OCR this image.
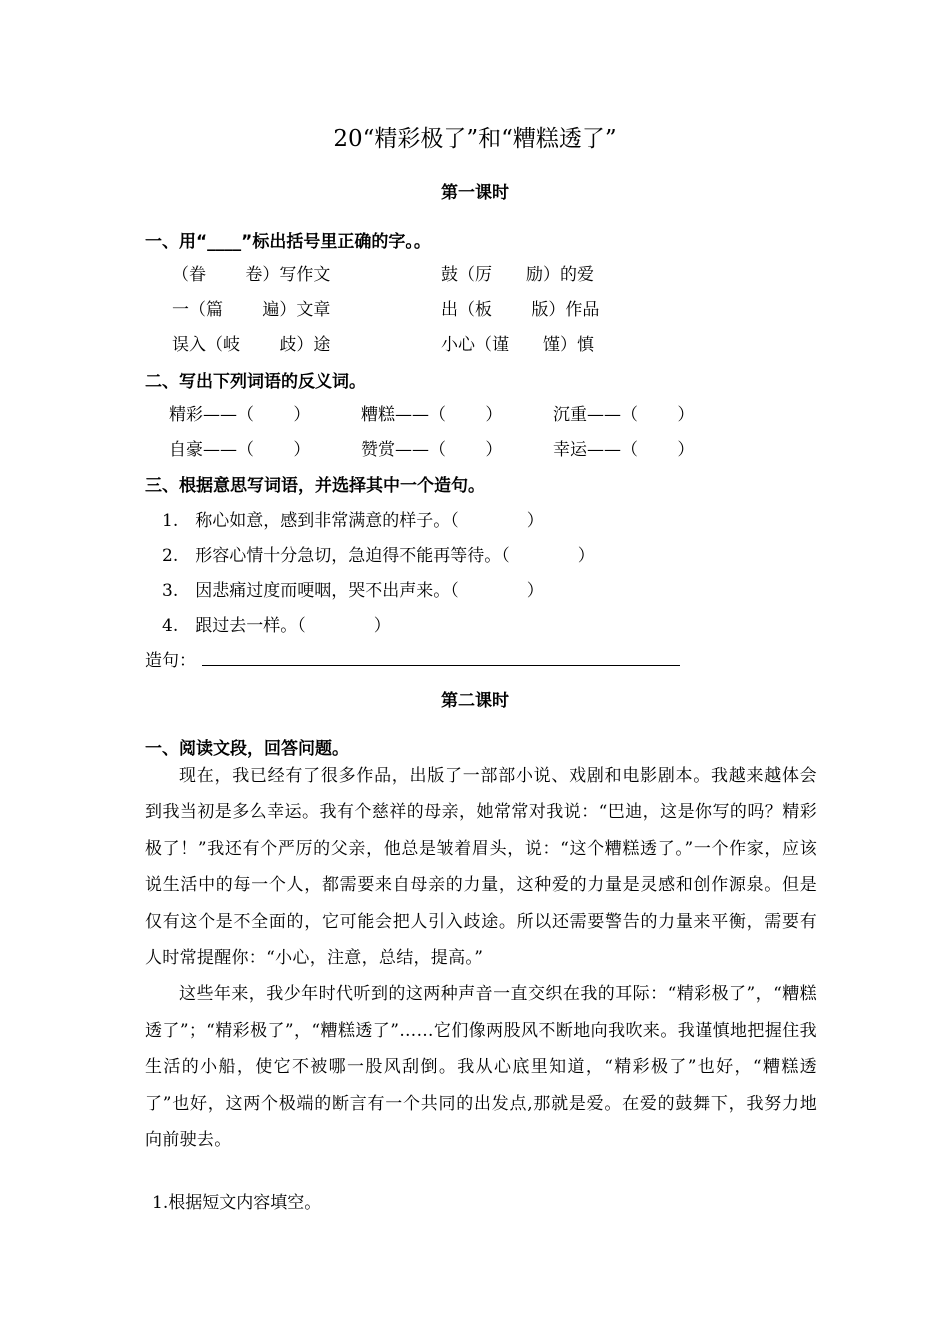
20“精彩极了”和“糟糕透了”
第一课时
一、用“____”标出括号里正确的字。。
（眷　　 卷）写作文	鼓（厉　　励）的爱
一（篇　　 遍）文章	出（板　　 版）作品
误入（岐　　 歧）途	小心（谨　　馑）慎
二、写出下列词语的反义词。
精彩——（　　 ）	糟糕——（　　 ）	沉重——（　　 ）
自豪——（　　 ）	赞赏——（　　 ）	幸运——（　　 ）
三、根据意思写词语，并选择其中一个造句。
1.　称心如意，感到非常满意的样子。（　　　　）
2.　形容心情十分急切，急迫得不能再等待。（　　　　）
3.　因悲痛过度而哽咽，哭不出声来。（　　　　）
4.　跟过去一样。（　　　　）
造句：
第二课时
一、阅读文段，回答问题。

现在，我已经有了很多作品，出版了一部部小说、戏剧和电影剧本。我越来越体会到我当初是多么幸运。我有个慈祥的母亲，她常常对我说：“巴迪，这是你写的吗？精彩极了！”我还有个严厉的父亲，他总是皱着眉头，说：“这个糟糕透了。”一个作家，应该说生活中的每一个人，都需要来自母亲的力量，这种爱的力量是灵感和创作源泉。但是仅有这个是不全面的，它可能会把人引入歧途。所以还需要警告的力量来平衡，需要有人时常提醒你：“小心，注意，总结，提高。”

这些年来，我少年时代听到的这两种声音一直交织在我的耳际：“精彩极了”，“糟糕透了”；“精彩极了”，“糟糕透了”……它们像两股风不断地向我吹来。我谨慎地把握住我生活的小船，使它不被哪一股风刮倒。我从心底里知道，“精彩极了”也好，“糟糕透了”也好，这两个极端的断言有一个共同的出发点,那就是爱。在爱的鼓舞下，我努力地向前驶去。

1.根据短文内容填空。
